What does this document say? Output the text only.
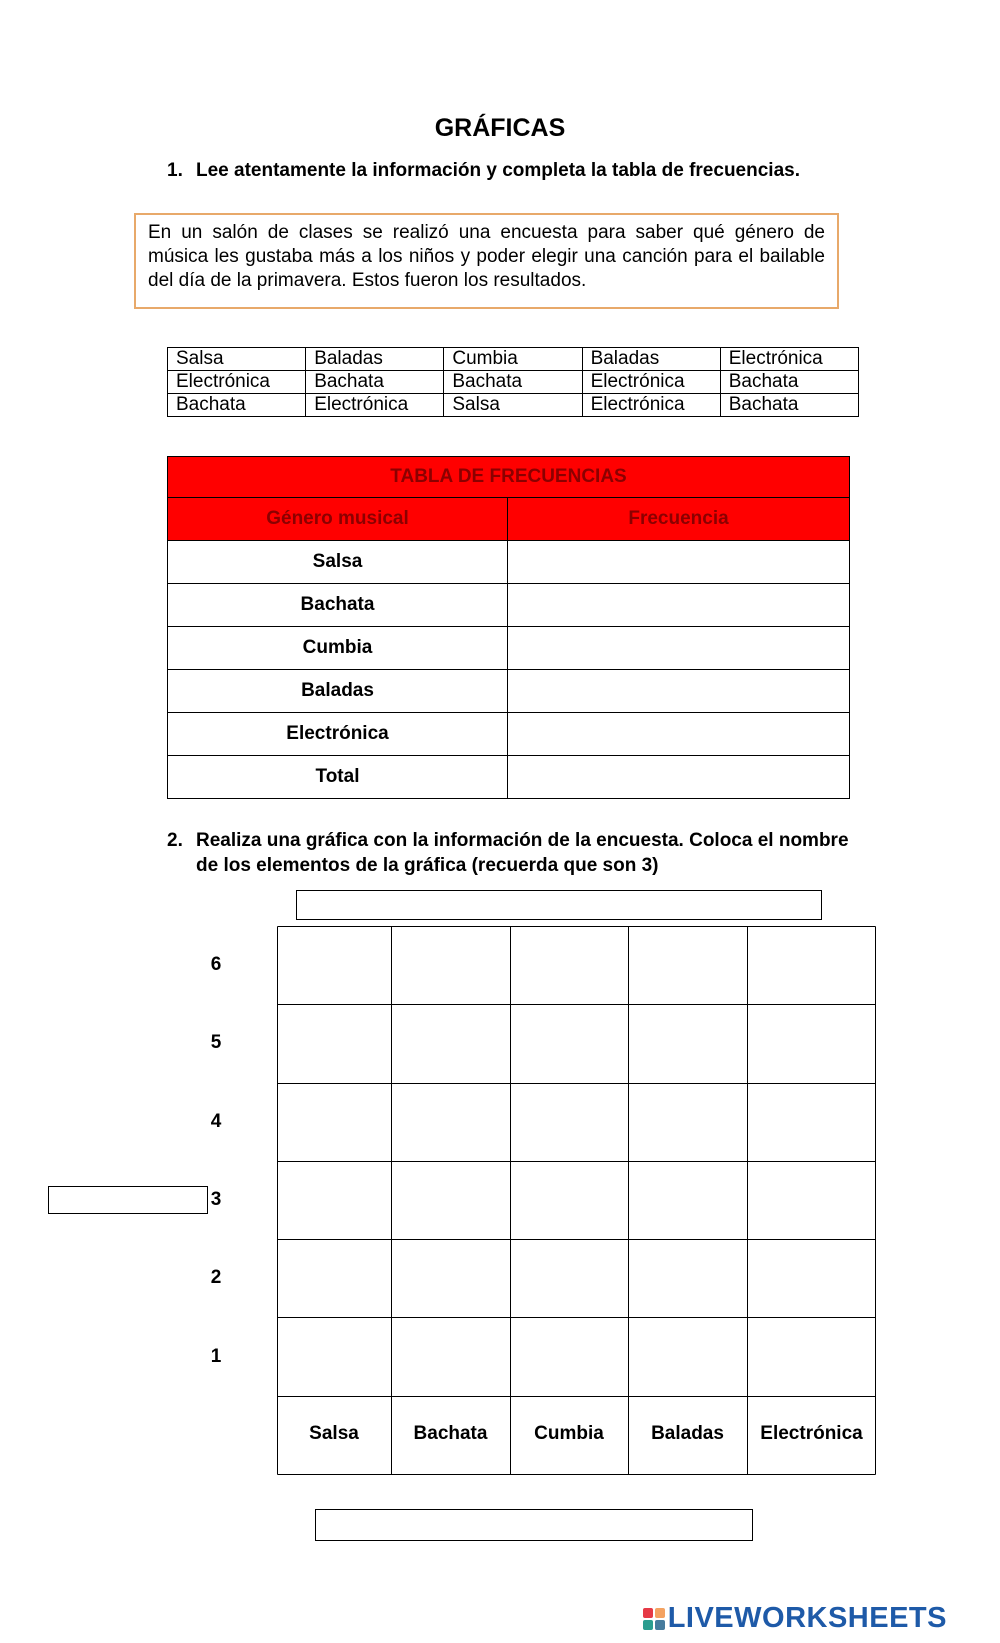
GRÁFICAS
1. Lee atentamente la información y completa la tabla de frecuencias.
En un salón de clases se realizó una encuesta para saber qué género de música les gustaba más a los niños y poder elegir una canción para el bailable del día de la primavera. Estos fueron los resultados.
Salsa	Baladas	Cumbia	Baladas	Electrónica
Electrónica	Bachata	Bachata	Electrónica	Bachata
Bachata	Electrónica	Salsa	Electrónica	Bachata
TABLA DE FRECUENCIAS	
Género musical	Frecuencia
Salsa	
Bachata	
Cumbia	
Baladas	
Electrónica	
Total	
2. Realiza una gráfica con la información de la encuesta. Coloca el nombre
de los elementos de la gráfica (recuerda que son 3)
6
5
4
3
2
1
Salsa	Bachata	Cumbia	Baladas	Electrónica
LIVEWORKSHEETS
